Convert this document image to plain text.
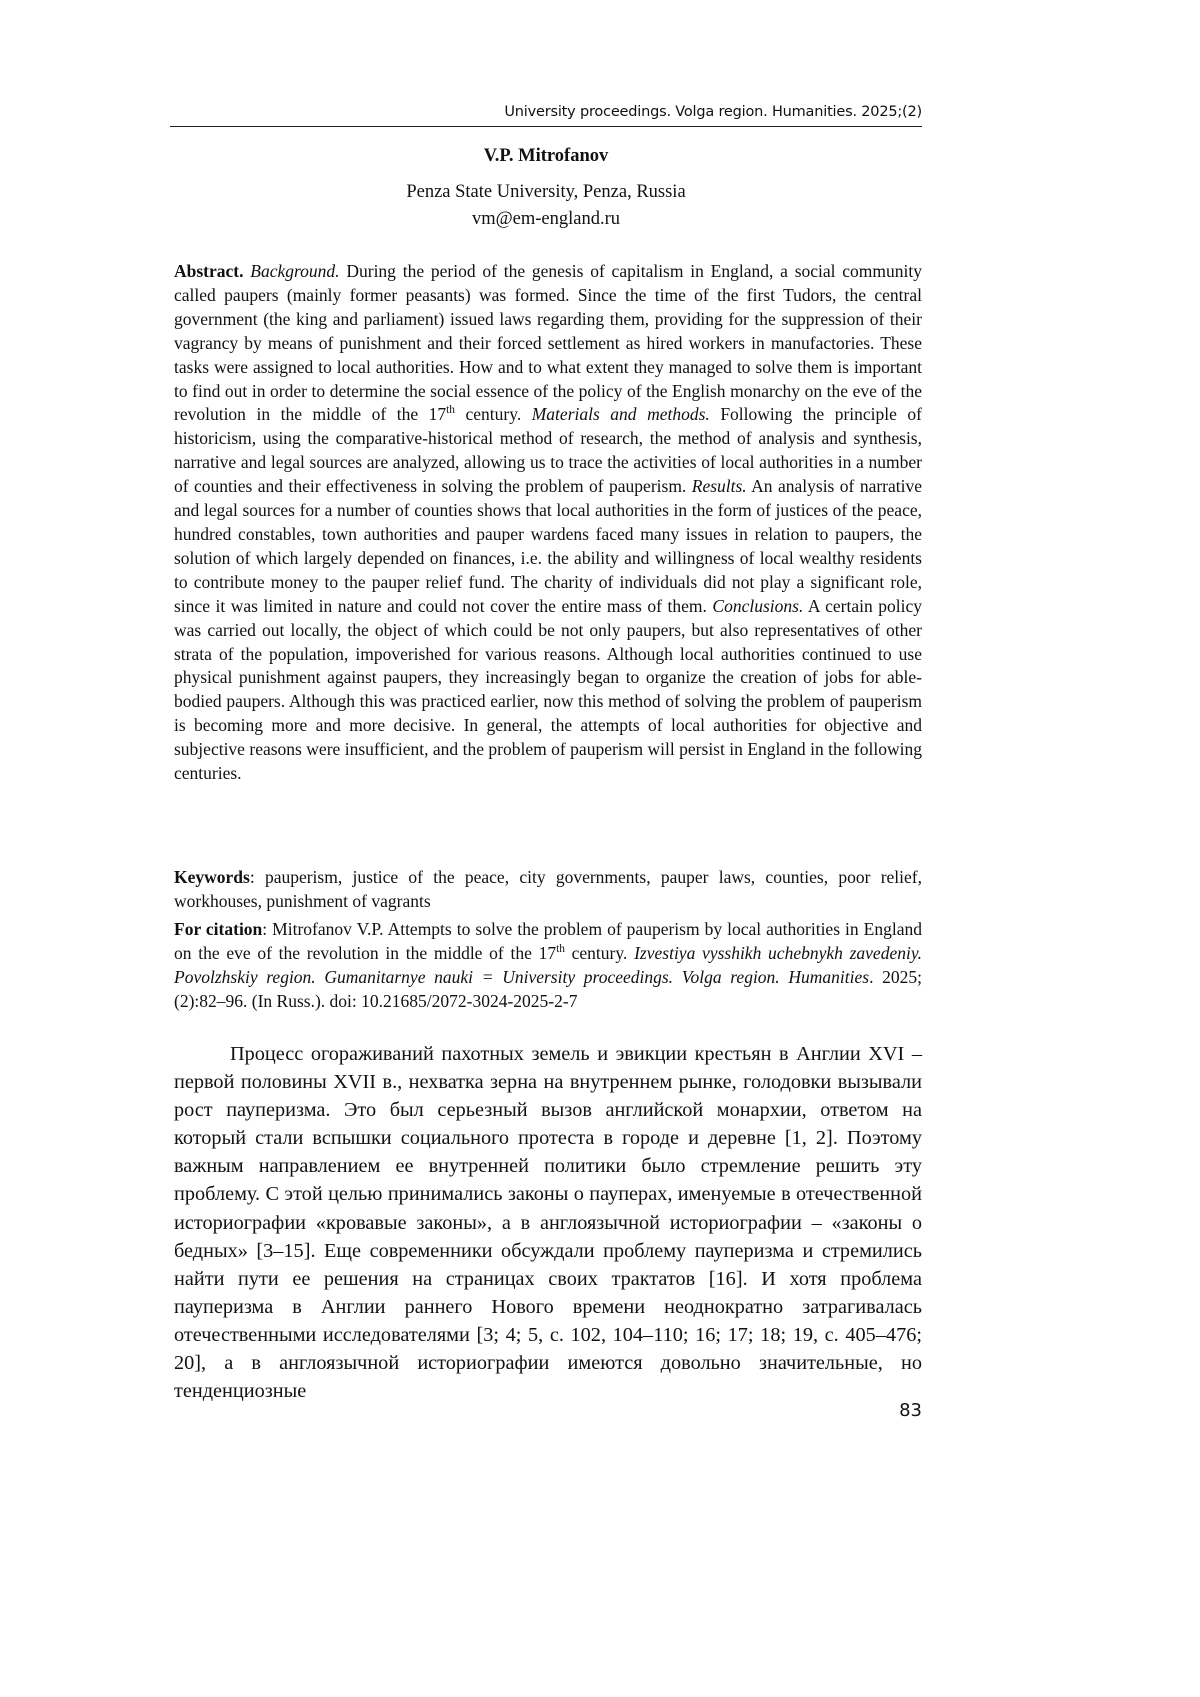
University proceedings. Volga region. Humanities. 2025;(2)
V.P. Mitrofanov
Penza State University, Penza, Russia
vm@em-england.ru

Abstract. Background. During the period of the genesis of capitalism in England, a social community called paupers (mainly former peasants) was formed. Since the time of the first Tudors, the central government (the king and parliament) issued laws regarding them, providing for the suppression of their vagrancy by means of punishment and their forced settlement as hired workers in manufactories. These tasks were assigned to local authorities. How and to what extent they managed to solve them is important to find out in order to determine the social essence of the policy of the English monarchy on the eve of the revolution in the middle of the 17th century. Materials and methods. Following the principle of historicism, using the comparative-historical method of research, the method of analysis and synthesis, narrative and legal sources are analyzed, allowing us to trace the activities of local authorities in a number of counties and their effectiveness in solving the problem of pauperism. Results. An analysis of narrative and legal sources for a number of counties shows that local authorities in the form of justices of the peace, hundred constables, town authorities and pauper wardens faced many issues in relation to paupers, the solution of which largely depended on finances, i.e. the ability and willingness of local wealthy residents to contribute money to the pauper relief fund. The charity of individuals did not play a significant role, since it was limited in nature and could not cover the entire mass of them. Conclusions. A certain policy was carried out locally, the object of which could be not only paupers, but also representatives of other strata of the population, impoverished for various reasons. Although local authorities continued to use physical punishment against paupers, they increasingly began to organize the creation of jobs for able-bodied paupers. Although this was practiced earlier, now this method of solving the problem of pauperism is becoming more and more decisive. In general, the attempts of local authorities for objective and subjective reasons were insufficient, and the problem of pauperism will persist in England in the following centuries.

Keywords: pauperism, justice of the peace, city governments, pauper laws, counties, poor relief, workhouses, punishment of vagrants

For citation: Mitrofanov V.P. Attempts to solve the problem of pauperism by local authorities in England on the eve of the revolution in the middle of the 17th century. Izvestiya vysshikh uchebnykh zavedeniy. Povolzhskiy region. Gumanitarnye nauki = University proceedings. Volga region. Humanities. 2025;(2):82–96. (In Russ.). doi: 10.21685/2072-3024-2025-2-7

Процесс огораживаний пахотных земель и эвикции крестьян в Англии XVI – первой половины XVII в., нехватка зерна на внутреннем рынке, голодовки вызывали рост пауперизма. Это был серьезный вызов английской монархии, ответом на который стали вспышки социального протеста в городе и деревне [1, 2]. Поэтому важным направлением ее внутренней политики было стремление решить эту проблему. С этой целью принимались законы о пауперах, именуемые в отечественной историографии «кровавые законы», а в англоязычной историографии – «законы о бедных» [3–15]. Еще современники обсуждали проблему пауперизма и стремились найти пути ее решения на страницах своих трактатов [16]. И хотя проблема пауперизма в Англии раннего Нового времени неоднократно затрагивалась отечественными исследователями [3; 4; 5, с. 102, 104–110; 16; 17; 18; 19, с. 405–476; 20], а в англоязычной историографии имеются довольно значительные, но тенденциозные

83
